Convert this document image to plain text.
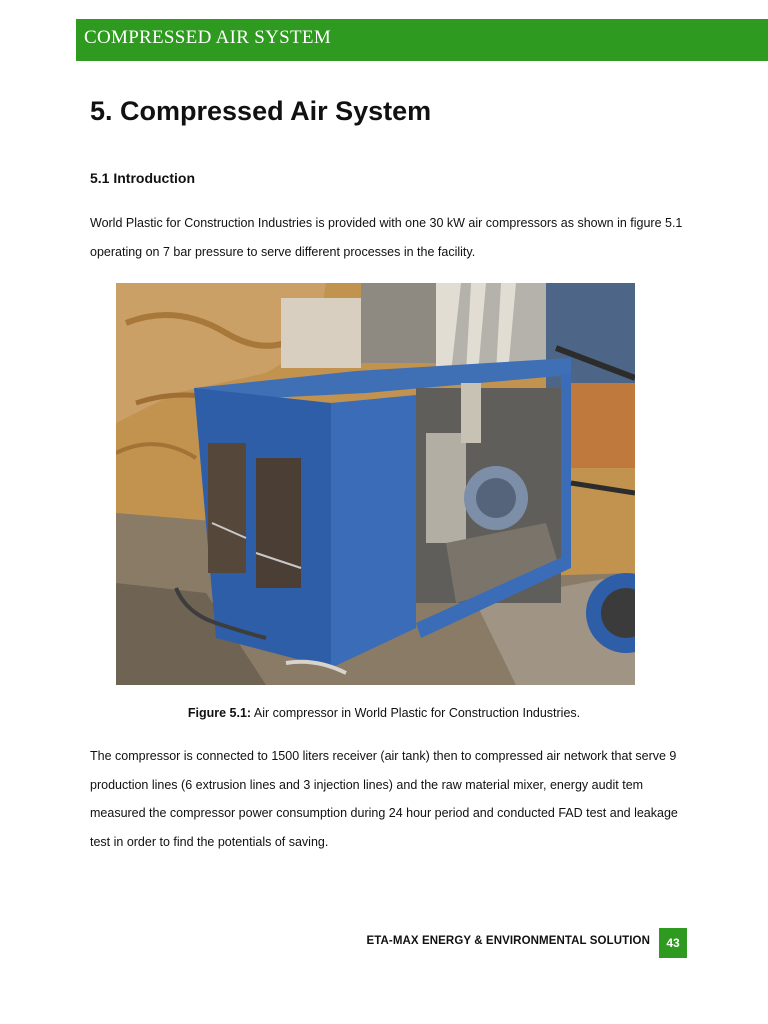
COMPRESSED AIR SYSTEM
5. Compressed Air System
5.1 Introduction

World Plastic for Construction Industries is provided with one 30 kW air compressors as shown in figure 5.1 operating on 7 bar pressure to serve different processes in the facility.

Figure 5.1: Air compressor in World Plastic for Construction Industries.

The compressor is connected to 1500 liters receiver (air tank) then to compressed air network that serve 9 production lines (6 extrusion lines and 3 injection lines) and the raw material mixer, energy audit tem measured the compressor power consumption during 24 hour period and conducted FAD test and leakage test in order to find the potentials of saving.

ETA-MAX ENERGY & ENVIRONMENTAL SOLUTION	43
